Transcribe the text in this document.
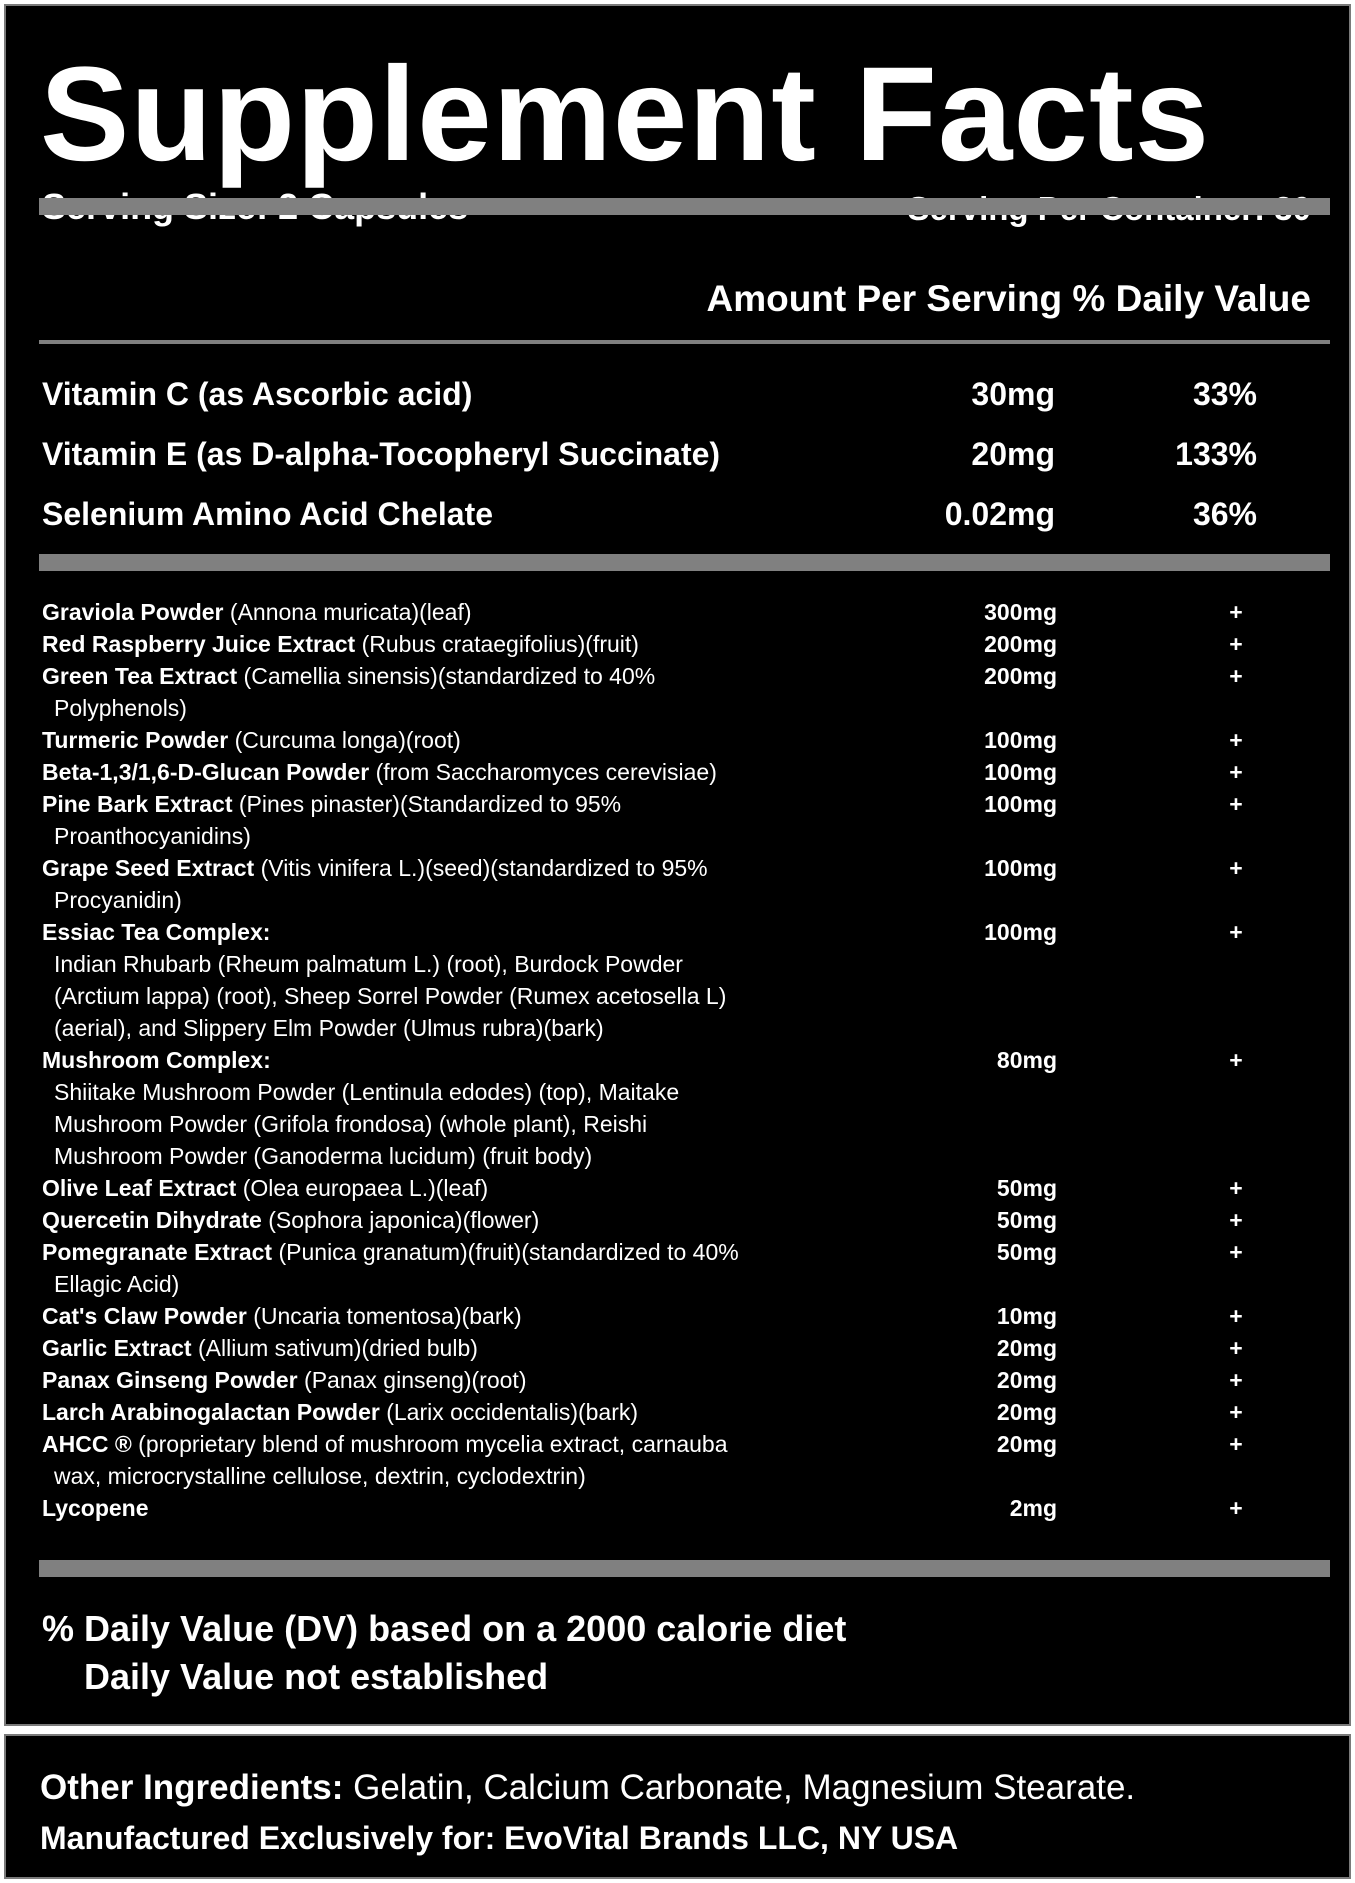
Supplement Facts
Amount Per Serving % Daily Value
Vitamin C (as Ascorbic acid)	30mg	33%
Vitamin E (as D-alpha-Tocopheryl Succinate)	20mg	133%
Selenium Amino Acid Chelate	0.02mg	36%
Graviola Powder (Annona muricata)(leaf)	300mg	+
Red Raspberry Juice Extract (Rubus crataegifolius)(fruit)	200mg	+
Green Tea Extract (Camellia sinensis)(standardized to 40%
Polyphenols)
200mg	+
Turmeric Powder (Curcuma longa)(root)	100mg	+
Beta-1,3/1,6-D-Glucan Powder (from Saccharomyces cerevisiae)	100mg	+
Pine Bark Extract (Pines pinaster)(Standardized to 95%
Proanthocyanidins)
100mg	+
Grape Seed Extract (Vitis vinifera L.)(seed)(standardized to 95%
Procyanidin)
100mg	+
Essiac Tea Complex:
Indian Rhubarb (Rheum palmatum L.) (root), Burdock Powder
(Arctium lappa) (root), Sheep Sorrel Powder (Rumex acetosella L)
(aerial), and Slippery Elm Powder (Ulmus rubra)(bark)
100mg	+
Mushroom Complex:
Shiitake Mushroom Powder (Lentinula edodes) (top), Maitake
Mushroom Powder (Grifola frondosa) (whole plant), Reishi
Mushroom Powder (Ganoderma lucidum) (fruit body)
80mg	+
Olive Leaf Extract (Olea europaea L.)(leaf)	50mg	+
Quercetin Dihydrate (Sophora japonica)(flower)	50mg	+
Pomegranate Extract (Punica granatum)(fruit)(standardized to 40%
Ellagic Acid)
50mg	+
Cat's Claw Powder (Uncaria tomentosa)(bark)	10mg	+
Garlic Extract (Allium sativum)(dried bulb)	20mg	+
Panax Ginseng Powder (Panax ginseng)(root)	20mg	+
Larch Arabinogalactan Powder (Larix occidentalis)(bark)	20mg	+
AHCC ® (proprietary blend of mushroom mycelia extract, carnauba
wax, microcrystalline cellulose, dextrin, cyclodextrin)
20mg	+
Lycopene	2mg	+
% Daily Value (DV) based on a 2000 calorie diet
Daily Value not established
Other Ingredients: Gelatin, Calcium Carbonate, Magnesium Stearate.
Manufactured Exclusively for: EvoVital Brands LLC, NY USA
